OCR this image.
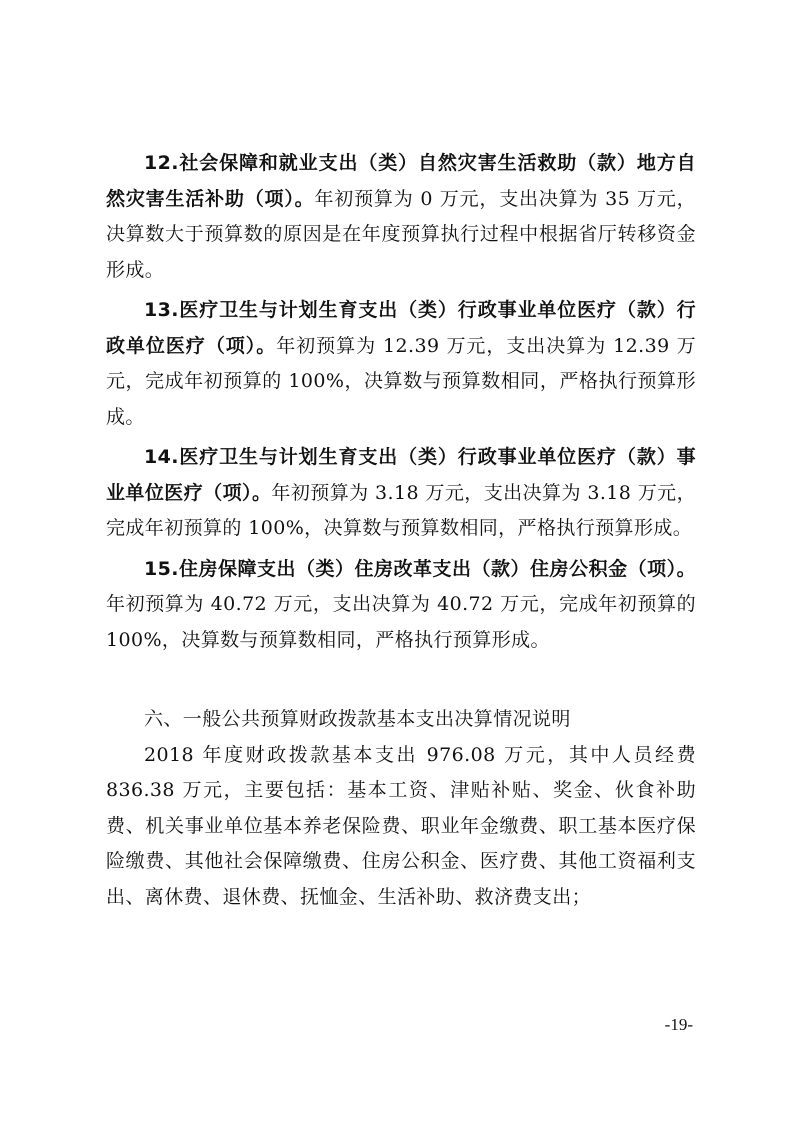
12.社会保障和就业支出（类）自然灾害生活救助（款）地方自然灾害生活补助（项）。年初预算为 0 万元，支出决算为 35 万元，决算数大于预算数的原因是在年度预算执行过程中根据省厅转移资金形成。

13.医疗卫生与计划生育支出（类）行政事业单位医疗（款）行政单位医疗（项）。年初预算为 12.39 万元，支出决算为 12.39 万元，完成年初预算的 100%，决算数与预算数相同，严格执行预算形成。

14.医疗卫生与计划生育支出（类）行政事业单位医疗（款）事业单位医疗（项）。年初预算为 3.18 万元，支出决算为 3.18 万元，完成年初预算的 100%，决算数与预算数相同，严格执行预算形成。

15.住房保障支出（类）住房改革支出（款）住房公积金（项）。年初预算为 40.72 万元，支出决算为 40.72 万元，完成年初预算的 100%，决算数与预算数相同，严格执行预算形成。

六、一般公共预算财政拨款基本支出决算情况说明

2018 年度财政拨款基本支出 976.08 万元，其中人员经费 836.38 万元，主要包括：基本工资、津贴补贴、奖金、伙食补助费、机关事业单位基本养老保险费、职业年金缴费、职工基本医疗保险缴费、其他社会保障缴费、住房公积金、医疗费、其他工资福利支出、离休费、退休费、抚恤金、生活补助、救济费支出；

-19-
